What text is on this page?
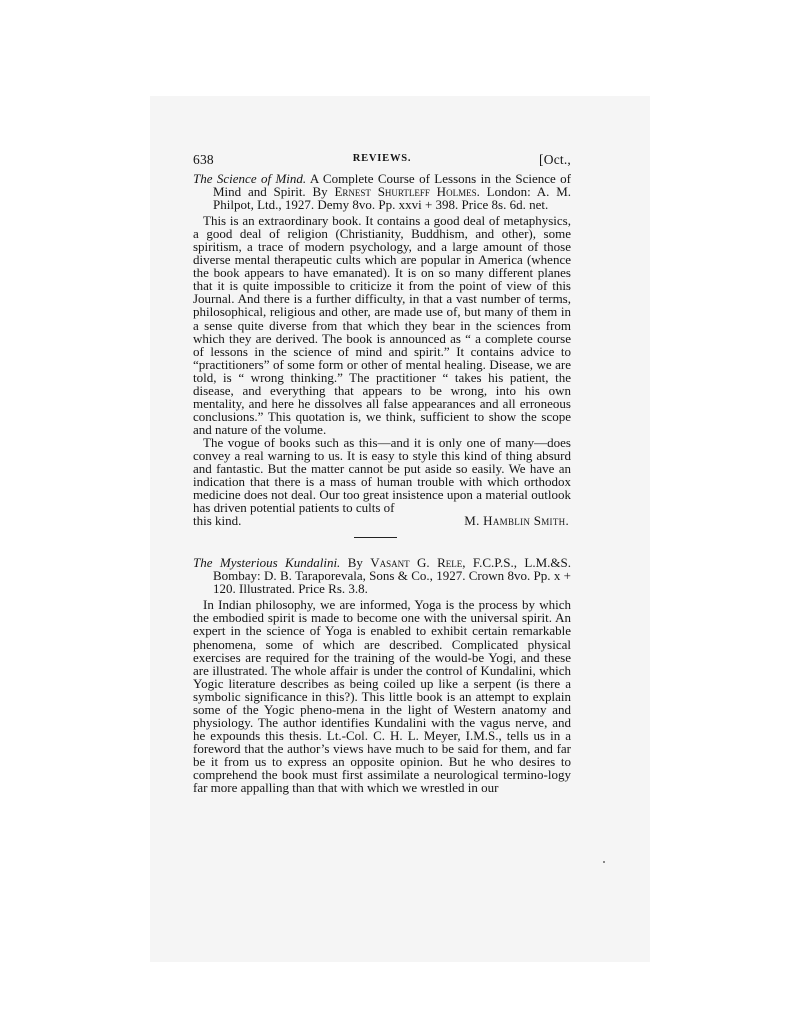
638	REVIEWS.	[Oct.,

The Science of Mind. A Complete Course of Lessons in the Science of Mind and Spirit. By Ernest Shurtleff Holmes. London: A. M. Philpot, Ltd., 1927. Demy 8vo. Pp. xxvi + 398. Price 8s. 6d. net.

This is an extraordinary book. It contains a good deal of metaphysics, a good deal of religion (Christianity, Buddhism, and other), some spiritism, a trace of modern psychology, and a large amount of those diverse mental therapeutic cults which are popular in America (whence the book appears to have emanated). It is on so many different planes that it is quite impossible to criticize it from the point of view of this Journal. And there is a further difficulty, in that a vast number of terms, philosophical, religious and other, are made use of, but many of them in a sense quite diverse from that which they bear in the sciences from which they are derived. The book is announced as “ a complete course of lessons in the science of mind and spirit.” It contains advice to “practitioners” of some form or other of mental healing. Disease, we are told, is “ wrong thinking.” The practitioner “ takes his patient, the disease, and everything that appears to be wrong, into his own mentality, and here he dissolves all false appearances and all erroneous conclusions.” This quotation is, we think, sufficient to show the scope and nature of the volume.

The vogue of books such as this—and it is only one of many—does convey a real warning to us. It is easy to style this kind of thing absurd and fantastic. But the matter cannot be put aside so easily. We have an indication that there is a mass of human trouble with which orthodox medicine does not deal. Our too great insistence upon a material outlook has driven potential patients to cults of

this kind.	M. Hamblin Smith.

The Mysterious Kundalini. By Vasant G. Rele, F.C.P.S., L.M.&S. Bombay: D. B. Taraporevala, Sons & Co., 1927. Crown 8vo. Pp. x + 120. Illustrated. Price Rs. 3.8.

In Indian philosophy, we are informed, Yoga is the process by which the embodied spirit is made to become one with the universal spirit. An expert in the science of Yoga is enabled to exhibit certain remarkable phenomena, some of which are described. Complicated physical exercises are required for the training of the would-be Yogi, and these are illustrated. The whole affair is under the control of Kundalini, which Yogic literature describes as being coiled up like a serpent (is there a symbolic significance in this?). This little book is an attempt to explain some of the Yogic pheno-mena in the light of Western anatomy and physiology. The author identifies Kundalini with the vagus nerve, and he expounds this thesis. Lt.-Col. C. H. L. Meyer, I.M.S., tells us in a foreword that the author’s views have much to be said for them, and far be it from us to express an opposite opinion. But he who desires to comprehend the book must first assimilate a neurological termino-logy far more appalling than that with which we wrestled in our
